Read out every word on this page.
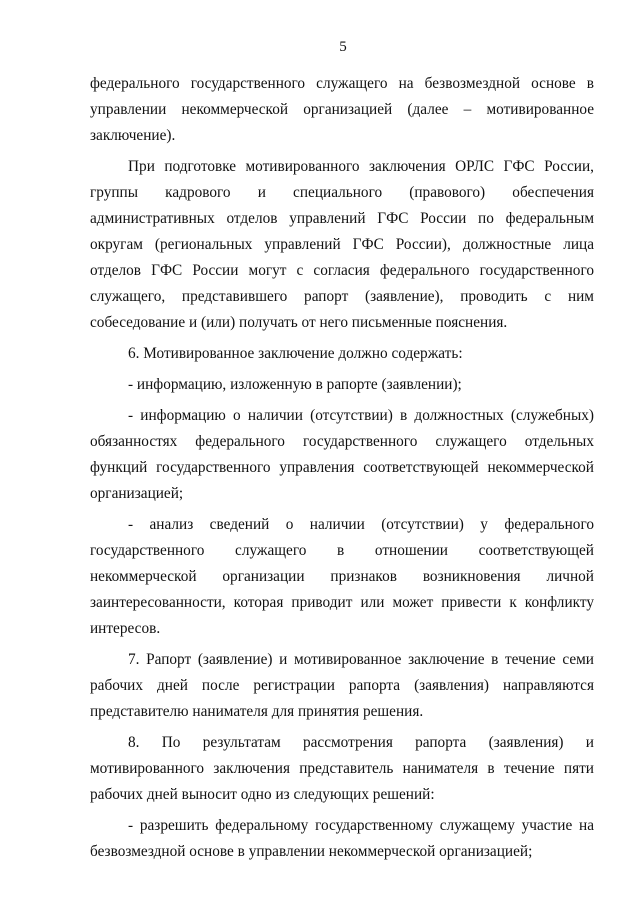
5

федерального государственного служащего на безвозмездной основе в управлении некоммерческой организацией (далее – мотивированное заключение).

При подготовке мотивированного заключения ОРЛС ГФС России, группы кадрового и специального (правового) обеспечения административных отделов управлений ГФС России по федеральным округам (региональных управлений ГФС России), должностные лица отделов ГФС России могут с согласия федерального государственного служащего, представившего рапорт (заявление), проводить с ним собеседование и (или) получать от него письменные пояснения.

6. Мотивированное заключение должно содержать:

- информацию, изложенную в рапорте (заявлении);

- информацию о наличии (отсутствии) в должностных (служебных) обязанностях федерального государственного служащего отдельных функций государственного управления соответствующей некоммерческой организацией;

- анализ сведений о наличии (отсутствии) у федерального государственного служащего в отношении соответствующей некоммерческой организации признаков возникновения личной заинтересованности, которая приводит или может привести к конфликту интересов.

7. Рапорт (заявление) и мотивированное заключение в течение семи рабочих дней после регистрации рапорта (заявления) направляются представителю нанимателя для принятия решения.

8. По результатам рассмотрения рапорта (заявления) и мотивированного заключения представитель нанимателя в течение пяти рабочих дней выносит одно из следующих решений:

- разрешить федеральному государственному служащему участие на безвозмездной основе в управлении некоммерческой организацией;
